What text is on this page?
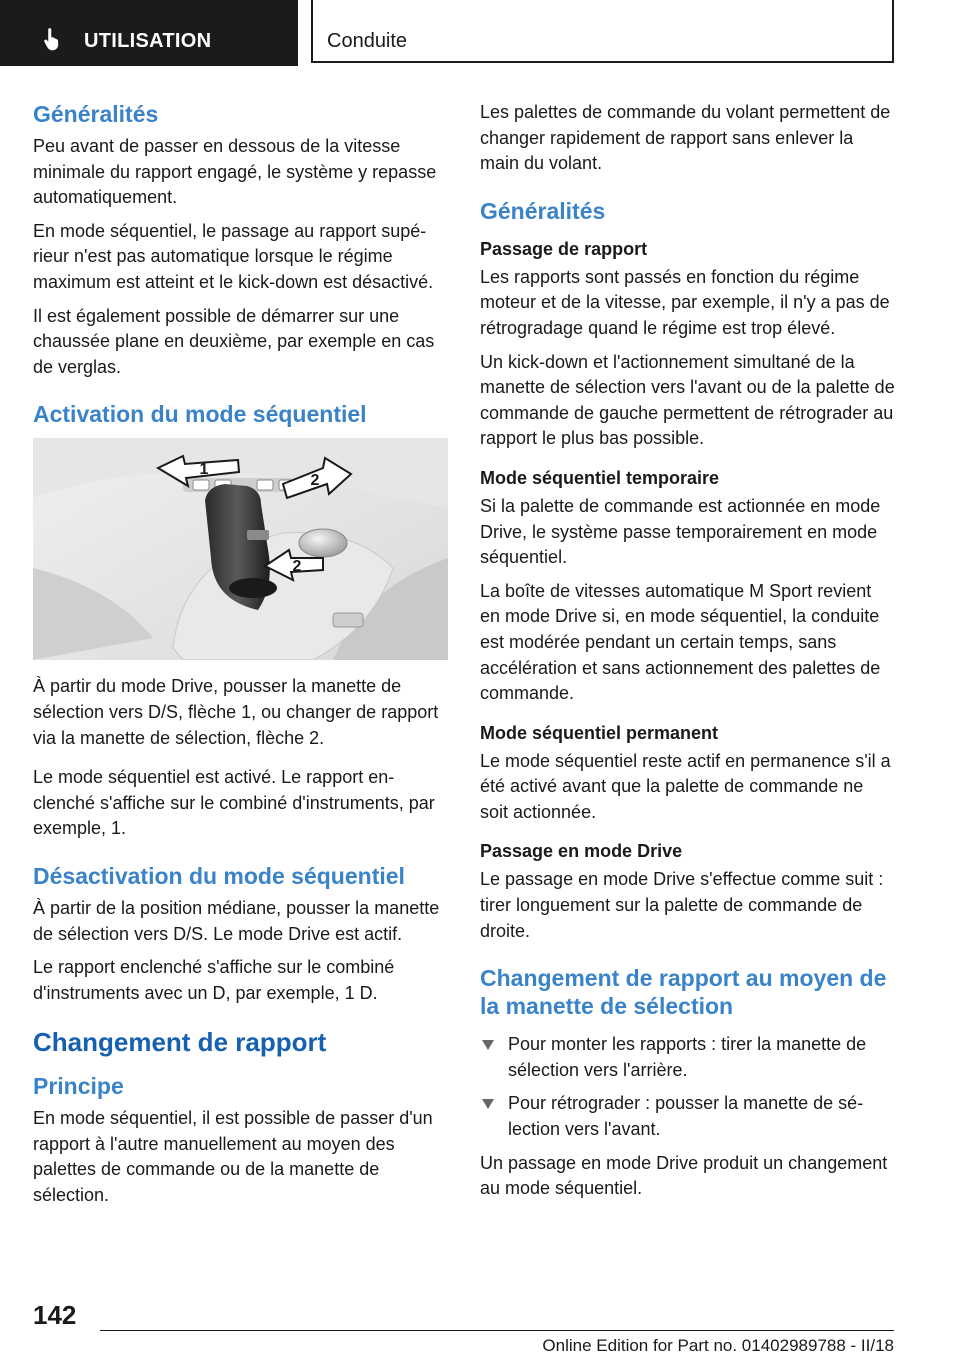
UTILISATION	Conduite
Généralités

Peu avant de passer en dessous de la vitesse minimale du rapport engagé, le système y repasse automatiquement.

En mode séquentiel, le passage au rapport supérieur n'est pas automatique lorsque le régime maximum est atteint et le kick-down est désactivé.

Il est également possible de démarrer sur une chaussée plane en deuxième, par exemple en cas de verglas.

Activation du mode séquentiel
1
2
2

À partir du mode Drive, pousser la manette de sélection vers D/S, flèche 1, ou changer de rapport via la manette de sélection, flèche 2.

Le mode séquentiel est activé. Le rapport enclenché s'affiche sur le combiné d'instruments, par exemple, 1.

Désactivation du mode séquentiel

À partir de la position médiane, pousser la manette de sélection vers D/S. Le mode Drive est actif.

Le rapport enclenché s'affiche sur le combiné d'instruments avec un D, par exemple, 1 D.

Changement de rapport
Principe

En mode séquentiel, il est possible de passer d'un rapport à l'autre manuellement au moyen des palettes de commande ou de la manette de sélection.

Les palettes de commande du volant permettent de changer rapidement de rapport sans enlever la main du volant.

Généralités
Passage de rapport

Les rapports sont passés en fonction du régime moteur et de la vitesse, par exemple, il n'y a pas de rétrogradage quand le régime est trop élevé.

Un kick-down et l'actionnement simultané de la manette de sélection vers l'avant ou de la palette de commande de gauche permettent de rétrograder au rapport le plus bas possible.

Mode séquentiel temporaire

Si la palette de commande est actionnée en mode Drive, le système passe temporairement en mode séquentiel.

La boîte de vitesses automatique M Sport revient en mode Drive si, en mode séquentiel, la conduite est modérée pendant un certain temps, sans accélération et sans actionnement des palettes de commande.

Mode séquentiel permanent

Le mode séquentiel reste actif en permanence s'il a été activé avant que la palette de commande ne soit actionnée.

Passage en mode Drive

Le passage en mode Drive s'effectue comme suit : tirer longuement sur la palette de commande de droite.

Changement de rapport au moyen de la manette de sélection
Pour monter les rapports : tirer la manette de sélection vers l'arrière.
Pour rétrograder : pousser la manette de sélection vers l'avant.

Un passage en mode Drive produit un changement au mode séquentiel.

142
Online Edition for Part no. 01402989788 - II/18
